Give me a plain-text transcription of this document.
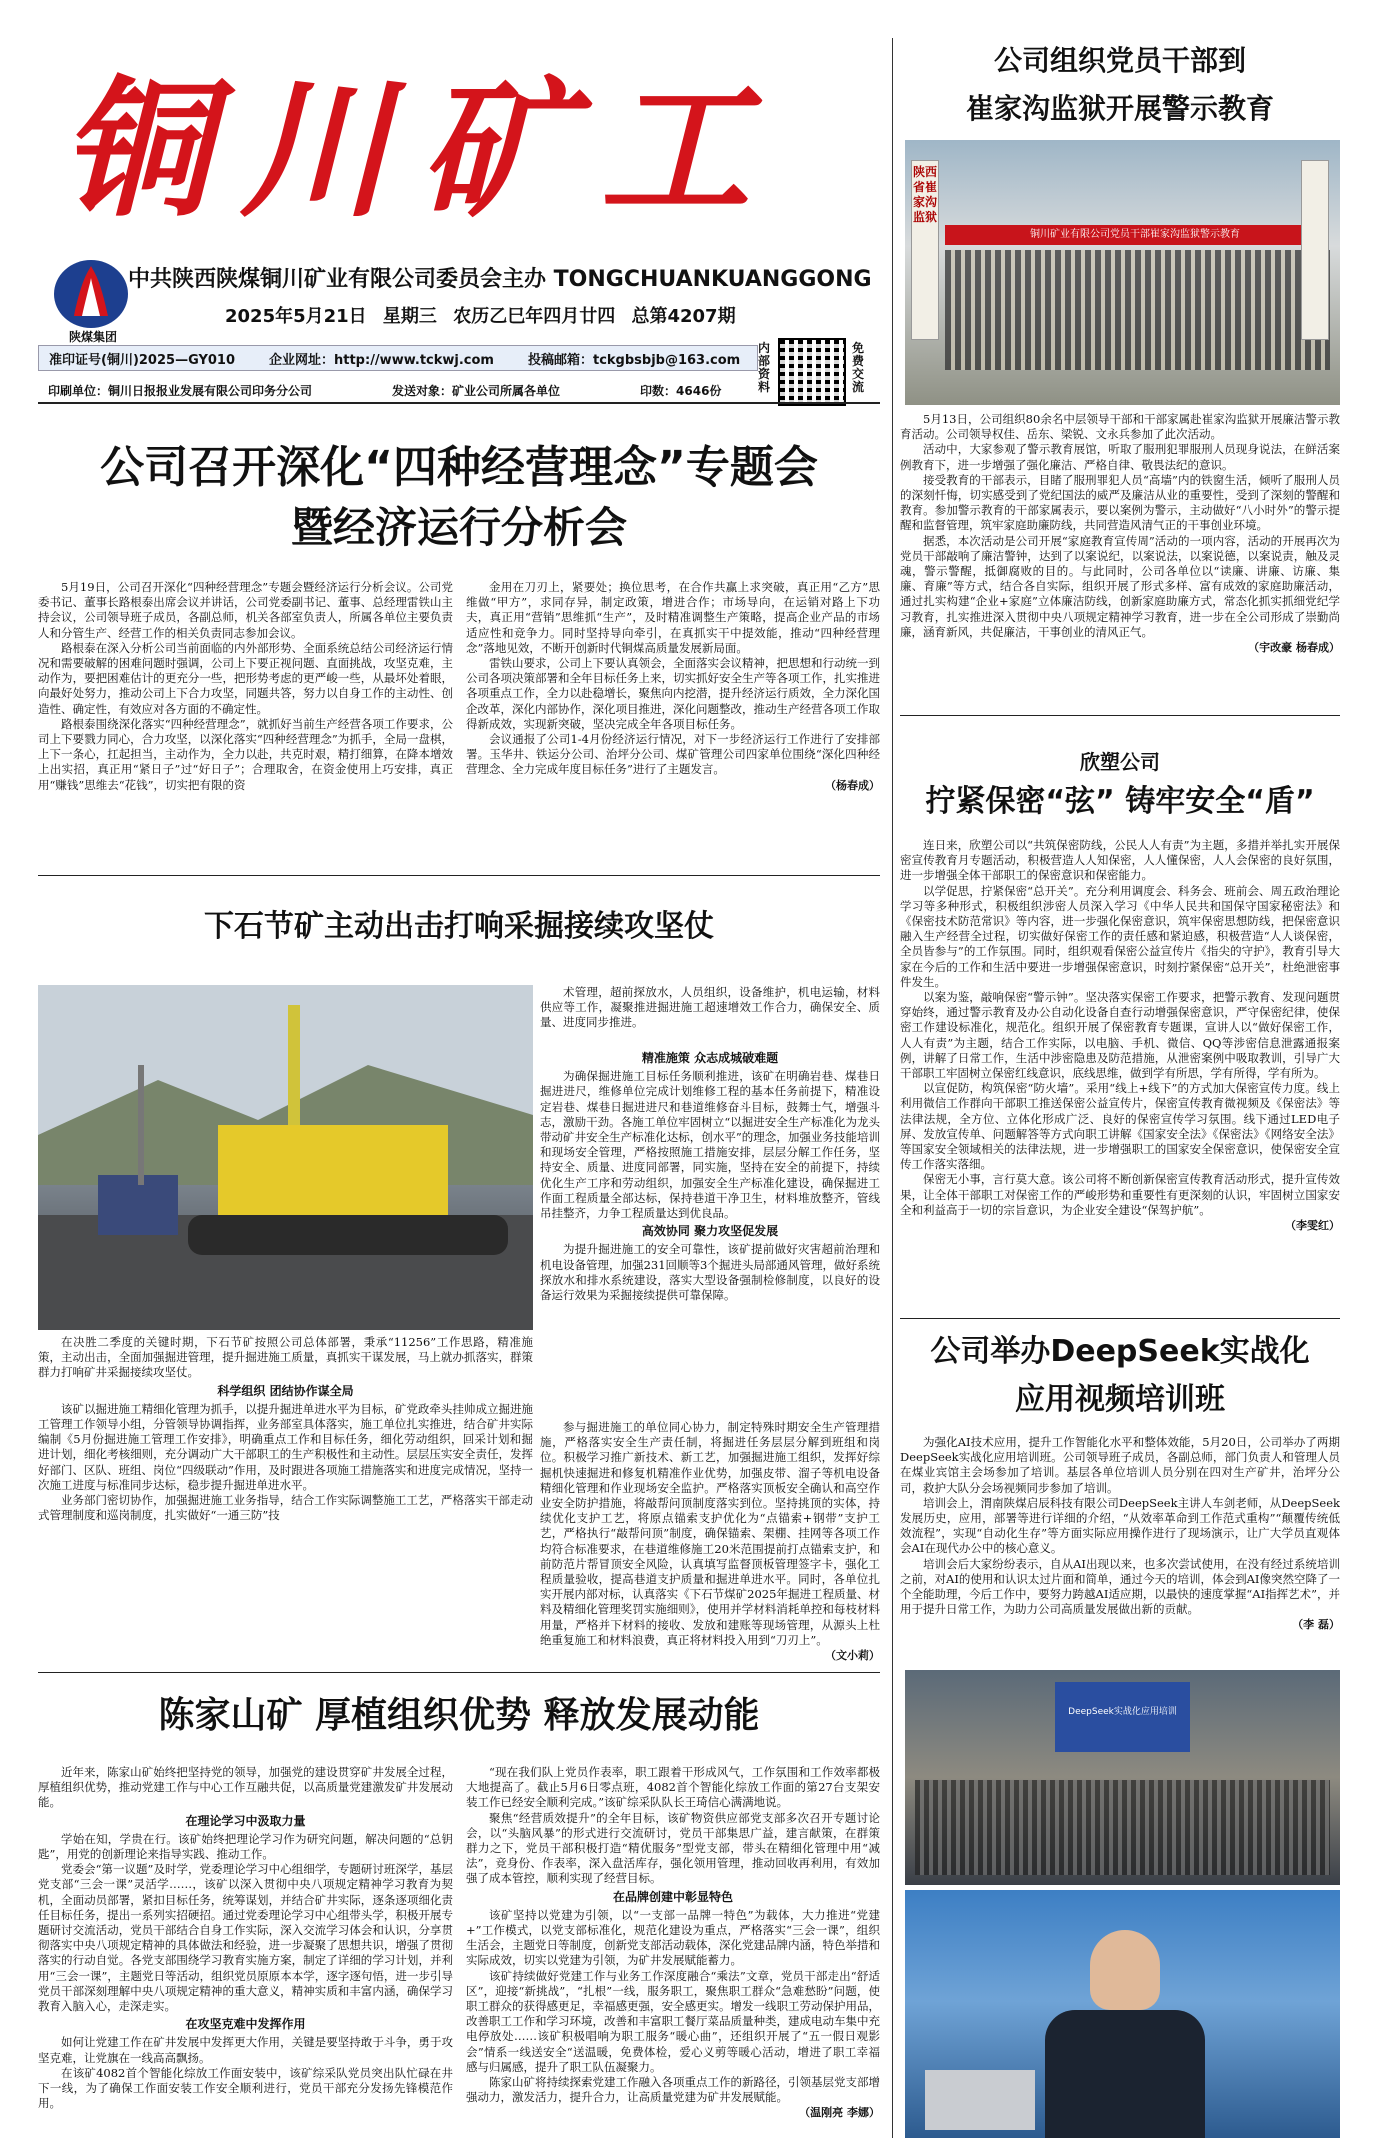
铜川矿工
陕煤集团
中共陕西陕煤铜川矿业有限公司委员会主办 TONGCHUANKUANGGONG
2025年5月21日 星期三 农历乙巳年四月廿四 总第4207期
准印证号(铜川)2025—GY010	企业网址：http://www.tckwj.com	投稿邮箱：tckgbsbjb@163.com
内部资料
免费交流
印刷单位：铜川日报报业发展有限公司印务分公司	发送对象：矿业公司所属各单位	印数：4646份
公司召开深化“四种经营理念”专题会
暨经济运行分析会

5月19日，公司召开深化“四种经营理念”专题会暨经济运行分析会议。公司党委书记、董事长路根泰出席会议并讲话，公司党委副书记、董事、总经理雷铁山主持会议，公司领导班子成员，各副总师，机关各部室负责人，所属各单位主要负责人和分管生产、经营工作的相关负责同志参加会议。

路根泰在深入分析公司当前面临的内外部形势、全面系统总结公司经济运行情况和需要破解的困难问题时强调，公司上下要正视问题、直面挑战，攻坚克难，主动作为，要把困难估计的更充分一些，把形势考虑的更严峻一些，从最坏处着眼，向最好处努力，推动公司上下合力攻坚，同题共答，努力以自身工作的主动性、创造性、确定性，有效应对各方面的不确定性。

路根泰围绕深化落实“四种经营理念”，就抓好当前生产经营各项工作要求，公司上下要戮力同心，合力攻坚，以深化落实“四种经营理念”为抓手，全局一盘棋，上下一条心，扛起担当，主动作为，全力以赴，共克时艰，精打细算，在降本增效上出实招，真正用“紧日子”过“好日子”；合理取舍，在资金使用上巧安排，真正用“赚钱”思维去“花钱”，切实把有限的资

金用在刀刃上，紧要处；换位思考，在合作共赢上求突破，真正用“乙方”思维做“甲方”，求同存异，制定政策，增进合作；市场导向，在运销对路上下功夫，真正用“营销”思维抓“生产”，及时精准调整生产策略，提高企业产品的市场适应性和竞争力。同时坚持导向牵引，在真抓实干中提效能，推动“四种经营理念”落地见效，不断开创新时代铜煤高质量发展新局面。

雷铁山要求，公司上下要认真领会，全面落实会议精神，把思想和行动统一到公司各项决策部署和全年目标任务上来，切实抓好安全生产等各项工作，扎实推进各项重点工作，全力以赴稳增长，聚焦向内挖潜，提升经济运行质效，全力深化国企改革，深化内部协作，深化项目推进，深化问题整改，推动生产经营各项工作取得新成效，实现新突破，坚决完成全年各项目标任务。

会议通报了公司1-4月份经济运行情况，对下一步经济运行工作进行了安排部署。玉华井、铁运分公司、治坪分公司、煤矿管理公司四家单位围绕“深化四种经营理念、全力完成年度目标任务”进行了主题发言。

（杨春成）

下石节矿主动出击打响采掘接续攻坚仗

术管理，超前探放水，人员组织，设备维护，机电运输，材料供应等工作，凝聚推进掘进施工超速增效工作合力，确保安全、质量、进度同步推进。

精准施策 众志成城破难题

为确保掘进施工目标任务顺利推进，该矿在明确岩巷、煤巷日掘进进尺，维修单位完成计划维修工程的基本任务前提下，精准设定岩巷、煤巷日掘进进尺和巷道维修奋斗目标，鼓舞士气，增强斗志，激励干劲。各施工单位牢固树立“以掘进安全生产标准化为龙头带动矿井安全生产标准化达标，创水平”的理念，加强业务技能培训和现场安全管理，严格按照施工措施安排，层层分解工作任务，坚持安全、质量、进度同部署，同实施，坚持在安全的前提下，持续优化生产工序和劳动组织，加强安全生产标准化建设，确保掘进工作面工程质量全部达标，保持巷道干净卫生，材料堆放整齐，管线吊挂整齐，力争工程质量达到优良品。

高效协同 聚力攻坚促发展

为提升掘进施工的安全可靠性，该矿提前做好灾害超前治理和机电设备管理，加强231回顺等3个掘进头局部通风管理，做好系统探放水和排水系统建设，落实大型设备强制检修制度，以良好的设备运行效果为采掘接续提供可靠保障。

在决胜二季度的关键时期，下石节矿按照公司总体部署，秉承“11256”工作思路，精准施策，主动出击，全面加强掘进管理，提升掘进施工质量，真抓实干谋发展，马上就办抓落实，群策群力打响矿井采掘接续攻坚仗。

科学组织 团结协作谋全局

该矿以掘进施工精细化管理为抓手，以提升掘进单进水平为目标，矿党政牵头挂帅成立掘进施工管理工作领导小组，分管领导协调指挥，业务部室具体落实，施工单位扎实推进，结合矿井实际编制《5月份掘进施工管理工作安排》，明确重点工作和目标任务，细化劳动组织，回采计划和掘进计划，细化考核细则，充分调动广大干部职工的生产积极性和主动性。层层压实安全责任，发挥好部门、区队、班组、岗位“四级联动”作用，及时跟进各项施工措施落实和进度完成情况，坚持一次施工进度与标准同步达标，稳步提升掘进单进水平。

业务部门密切协作，加强掘进施工业务指导，结合工作实际调整施工工艺，严格落实干部走动式管理制度和巡岗制度，扎实做好“一通三防”技

参与掘进施工的单位同心协力，制定特殊时期安全生产管理措施，严格落实安全生产责任制，将掘进任务层层分解到班组和岗位。积极学习推广新技术、新工艺，加强掘进施工组织，发挥好综掘机快速掘进和修复机精准作业优势，加强皮带、溜子等机电设备精细化管理和作业现场安全监护。严格落实顶板安全确认和高空作业安全防护措施，将敲帮问顶制度落实到位。坚持挑顶的实体，持续优化支护工艺，将原点锚索支护优化为“点锚索+钢带”支护工艺，严格执行“敲帮问顶”制度，确保锚索、架棚、挂网等各项工作均符合标准要求，在巷道维修施工20米范围提前打点锚索支护，和前防范片帮冒顶安全风险，认真填写监督顶板管理签字卡，强化工程质量验收，提高巷道支护质量和掘进单进水平。同时，各单位扎实开展内部对标，认真落实《下石节煤矿2025年掘进工程质量、材料及精细化管理奖罚实施细则》，使用并学材料消耗单控和每枝材料用量，严格并下材料的接收、发放和建账等现场管理，从源头上杜绝重复施工和材料浪费，真正将材料投入用到“刀刃上”。

（文小莉）

陈家山矿 厚植组织优势 释放发展动能

近年来，陈家山矿始终把坚持党的领导，加强党的建设贯穿矿井发展全过程，厚植组织优势，推动党建工作与中心工作互融共促，以高质量党建激发矿井发展动能。

在理论学习中汲取力量

学始在知，学贵在行。该矿始终把理论学习作为研究问题，解决问题的“总钥匙”，用党的创新理论来指导实践、推动工作。

党委会“第一议题”及时学，党委理论学习中心组细学，专题研讨班深学，基层党支部“三会一课”灵活学……，该矿以深入贯彻中央八项规定精神学习教育为契机，全面动员部署，紧扣目标任务，统筹谋划，并结合矿井实际，逐条逐项细化责任目标任务，提出一系列实招硬招。通过党委理论学习中心组带头学，积极开展专题研讨交流活动，党员干部结合自身工作实际，深入交流学习体会和认识，分享贯彻落实中央八项规定精神的具体做法和经验，进一步凝聚了思想共识，增强了贯彻落实的行动自觉。各党支部围绕学习教育实施方案，制定了详细的学习计划，并利用“三会一课”，主题党日等活动，组织党员原原本本学，逐字逐句悟，进一步引导党员干部深刻理解中央八项规定精神的重大意义，精神实质和丰富内涵，确保学习教育入脑入心，走深走实。

在攻坚克难中发挥作用

如何让党建工作在矿井发展中发挥更大作用，关键是要坚持敢于斗争，勇于攻坚克难，让党旗在一线高高飘扬。

在该矿4082首个智能化综放工作面安装中，该矿综采队党员突出队忙碌在井下一线，为了确保工作面安装工作安全顺利进行，党员干部充分发扬先锋模范作用。

“现在我们队上党员作表率，职工跟着干形成风气，工作氛围和工作效率都极大地提高了。截止5月6日零点班，4082首个智能化综放工作面的第27台支架安装工作已经安全顺利完成。”该矿综采队队长王琦信心满满地说。

聚焦“经营质效提升”的全年目标，该矿物资供应部党支部多次召开专题讨论会，以“头脑风暴”的形式进行交流研讨，党员干部集思广益，建言献策，在群策群力之下，党员干部积极打造“精优服务”型党支部，带头在精细化管理中用“减法”，竞身份、作表率，深入盘活库存，强化领用管理，推动回收再利用，有效加强了成本管控，顺利实现了经营目标。

在品牌创建中彰显特色

该矿坚持以党建为引领，以“一支部一品牌一特色”为载体，大力推进“党建+”工作模式，以党支部标准化，规范化建设为重点，严格落实“三会一课”，组织生活会，主题党日等制度，创新党支部活动载体，深化党建品牌内涵，特色举措和实际成效，切实以党建为引领，为矿井发展赋能蓄力。

该矿持续做好党建工作与业务工作深度融合“乘法”文章，党员干部走出“舒适区”，迎接“新挑战”，“扎根”一线，服务职工，聚焦职工群众“急难愁盼”问题，使职工群众的获得感更足，幸福感更强，安全感更实。增发一线职工劳动保护用品，改善职工工作和学习环境，改善和丰富职工餐厅菜品质量种类，建成电动车集中充电停放处……该矿积极唱响为职工服务“暖心曲”，还组织开展了“五一假日观影会”情系一线送安全“送温暖，免费体检，爱心义剪等暖心活动，增进了职工幸福感与归属感，提升了职工队伍凝聚力。

陈家山矿将持续探索党建工作融入各项重点工作的新路径，引领基层党支部增强动力，激发活力，提升合力，让高质量党建为矿井发展赋能。

（温刚亮 李娜）

公司组织党员干部到
崔家沟监狱开展警示教育
陕西省崔家沟监狱
铜川矿业有限公司党员干部崔家沟监狱警示教育

5月13日，公司组织80余名中层领导干部和干部家属赴崔家沟监狱开展廉洁警示教育活动。公司领导权佳、岳东、梁锐、文永兵参加了此次活动。

活动中，大家参观了警示教育展馆，听取了服刑犯罪服刑人员现身说法，在鲜活案例教育下，进一步增强了强化廉洁、严格自律、敬畏法纪的意识。

接受教育的干部表示，目睹了服刑罪犯人员“高墙”内的铁窗生活，倾听了服刑人员的深刻忏悔，切实感受到了党纪国法的威严及廉洁从业的重要性，受到了深刻的警醒和教育。参加警示教育的干部家属表示，要以案例为警示，主动做好“八小时外”的警示提醒和监督管理，筑牢家庭助廉防线，共同营造风清气正的干事创业环境。

据悉，本次活动是公司开展“家庭教育宣传周”活动的一项内容，活动的开展再次为党员干部敲响了廉洁警钟，达到了以案说纪，以案说法，以案说德，以案说责，触及灵魂，警示警醒，抵御腐败的目的。与此同时，公司各单位以“读廉、讲廉、访廉、集廉、育廉”等方式，结合各自实际，组织开展了形式多样、富有成效的家庭助廉活动，通过扎实构建“企业+家庭”立体廉洁防线，创新家庭助廉方式，常态化抓实抓细党纪学习教育，扎实推进深入贯彻中央八项规定精神学习教育，进一步在全公司形成了崇勤尚廉，涵育新风，共促廉洁，干事创业的清风正气。

（宇改豪 杨春成）

欣塑公司
拧紧保密“弦” 铸牢安全“盾”

连日来，欣塑公司以“共筑保密防线，公民人人有责”为主题，多措并举扎实开展保密宣传教育月专题活动，积极营造人人知保密，人人懂保密，人人会保密的良好氛围，进一步增强全体干部职工的保密意识和保密能力。

以学促思，拧紧保密“总开关”。充分利用调度会、科务会、班前会、周五政治理论学习等多种形式，积极组织涉密人员深入学习《中华人民共和国保守国家秘密法》和《保密技术防范常识》等内容，进一步强化保密意识，筑牢保密思想防线，把保密意识融入生产经营全过程，切实做好保密工作的责任感和紧迫感，积极营造“人人谈保密，全员皆参与”的工作氛围。同时，组织观看保密公益宣传片《指尖的守护》，教育引导大家在今后的工作和生活中要进一步增强保密意识，时刻拧紧保密“总开关”，杜绝泄密事件发生。

以案为鉴，敲响保密“警示钟”。坚决落实保密工作要求，把警示教育、发现问题贯穿始终，通过警示教育及办公自动化设备自查行动增强保密意识，严守保密纪律，使保密工作建设标准化，规范化。组织开展了保密教育专题课，宣讲人以“做好保密工作，人人有责”为主题，结合工作实际，以电脑、手机、微信、QQ等涉密信息泄露通报案例，讲解了日常工作，生活中涉密隐患及防范措施，从泄密案例中吸取教训，引导广大干部职工牢固树立保密红线意识，底线思维，做到学有所思，学有所得，学有所为。

以宣促防，构筑保密“防火墙”。采用“线上+线下”的方式加大保密宣传力度。线上利用微信工作群向干部职工推送保密公益宣传片，保密宣传教育微视频及《保密法》等法律法规，全方位、立体化形成广泛、良好的保密宣传学习氛围。线下通过LED电子屏、发放宣传单、问题解答等方式向职工讲解《国家安全法》《保密法》《网络安全法》等国家安全领域相关的法律法规，进一步增强职工的国家安全保密意识，使保密安全宣传工作落实落细。

保密无小事，言行莫大意。该公司将不断创新保密宣传教育活动形式，提升宣传效果，让全体干部职工对保密工作的严峻形势和重要性有更深刻的认识，牢固树立国家安全和利益高于一切的宗旨意识，为企业安全建设“保驾护航”。

（李雯红）

公司举办DeepSeek实战化
应用视频培训班

为强化AI技术应用，提升工作智能化水平和整体效能，5月20日，公司举办了两期DeepSeek实战化应用培训班。公司领导班子成员，各副总师，部门负责人和管理人员在煤业宾馆主会场参加了培训。基层各单位培训人员分别在四对生产矿井，治坪分公司，救护大队分会场视频同步参加了培训。

培训会上，渭南陕煤启辰科技有限公司DeepSeek主讲人车剑老师，从DeepSeek发展历史，应用，部署等进行详细的介绍，“从效率革命到工作范式重构”“颠覆传统低效流程”，实现“自动化生存”等方面实际应用操作进行了现场演示，让广大学员直观体会AI在现代办公中的核心意义。

培训会后大家纷纷表示，自从AI出现以来，也多次尝试使用，在没有经过系统培训之前，对AI的使用和认识太过片面和简单，通过今天的培训，体会到AI像突然空降了一个全能助理，今后工作中，要努力跨越AI适应期，以最快的速度掌握“AI指挥艺术”，并用于提升日常工作，为助力公司高质量发展做出新的贡献。

（李 磊）

DeepSeek实战化应用培训
